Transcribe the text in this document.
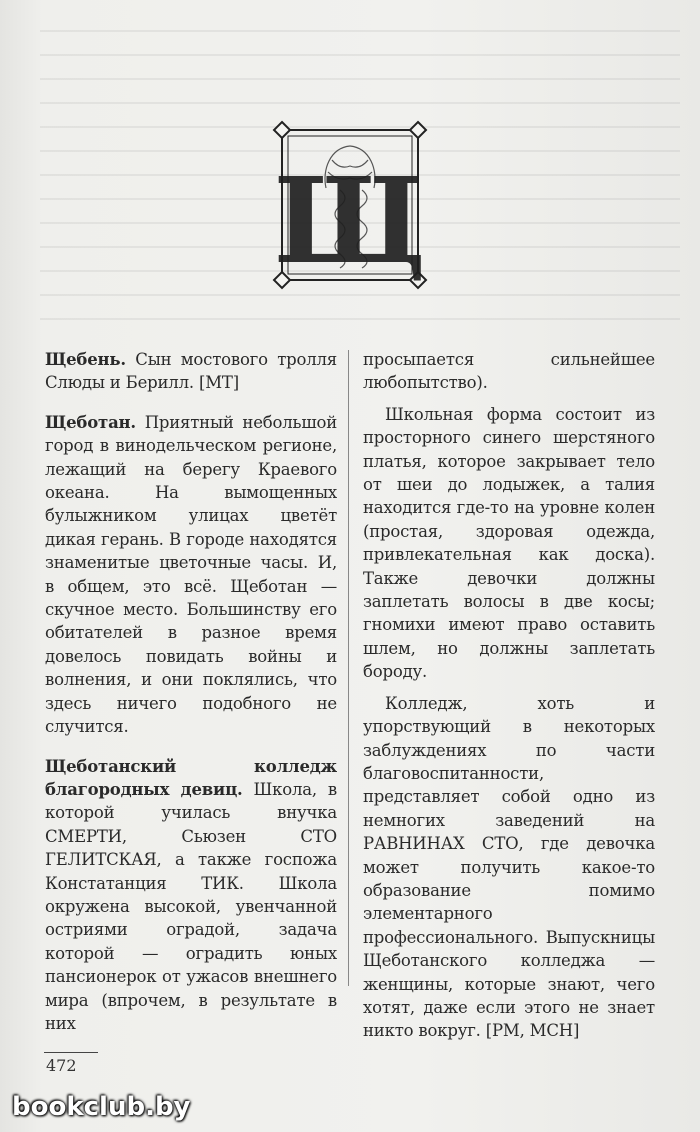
Щ

Щебень. Сын мостового тролля Слюды и Берилл. [МТ]

Щеботан. Приятный небольшой город в винодельческом регионе, лежащий на берегу Краевого океана. На вымощенных булыжником улицах цветёт дикая герань. В городе находятся знаменитые цветочные часы. И, в общем, это всё. Щеботан — скучное место. Большинству его обитателей в разное время довелось повидать войны и волнения, и они поклялись, что здесь ничего подобного не случится.

Щеботанский колледж благородных девиц. Школа, в которой училась внучка СМЕРТИ, Сьюзен СТО ГЕЛИТСКАЯ, а также госпожа Констатанция ТИК. Школа окружена высокой, увенчанной остриями оградой, задача которой — оградить юных пансионерок от ужасов внешнего мира (впрочем, в результате в них

просыпается сильнейшее любопытство).

Школьная форма состоит из просторного синего шерстяного платья, которое закрывает тело от шеи до лодыжек, а талия находится где-то на уровне колен (простая, здоровая одежда, привлекательная как доска). Также девочки должны заплетать волосы в две косы; гномихи имеют право оставить шлем, но должны заплетать бороду.

Колледж, хоть и упорствующий в некоторых заблуждениях по части благовоспитанности, представляет собой одно из немногих заведений на РАВНИНАХ СТО, где девочка может получить какое-то образование помимо элементарного профессионального. Выпускницы Щеботанского колледжа — женщины, которые знают, чего хотят, даже если этого не знает никто вокруг. [РМ, МСН]

472
bookclub.by
